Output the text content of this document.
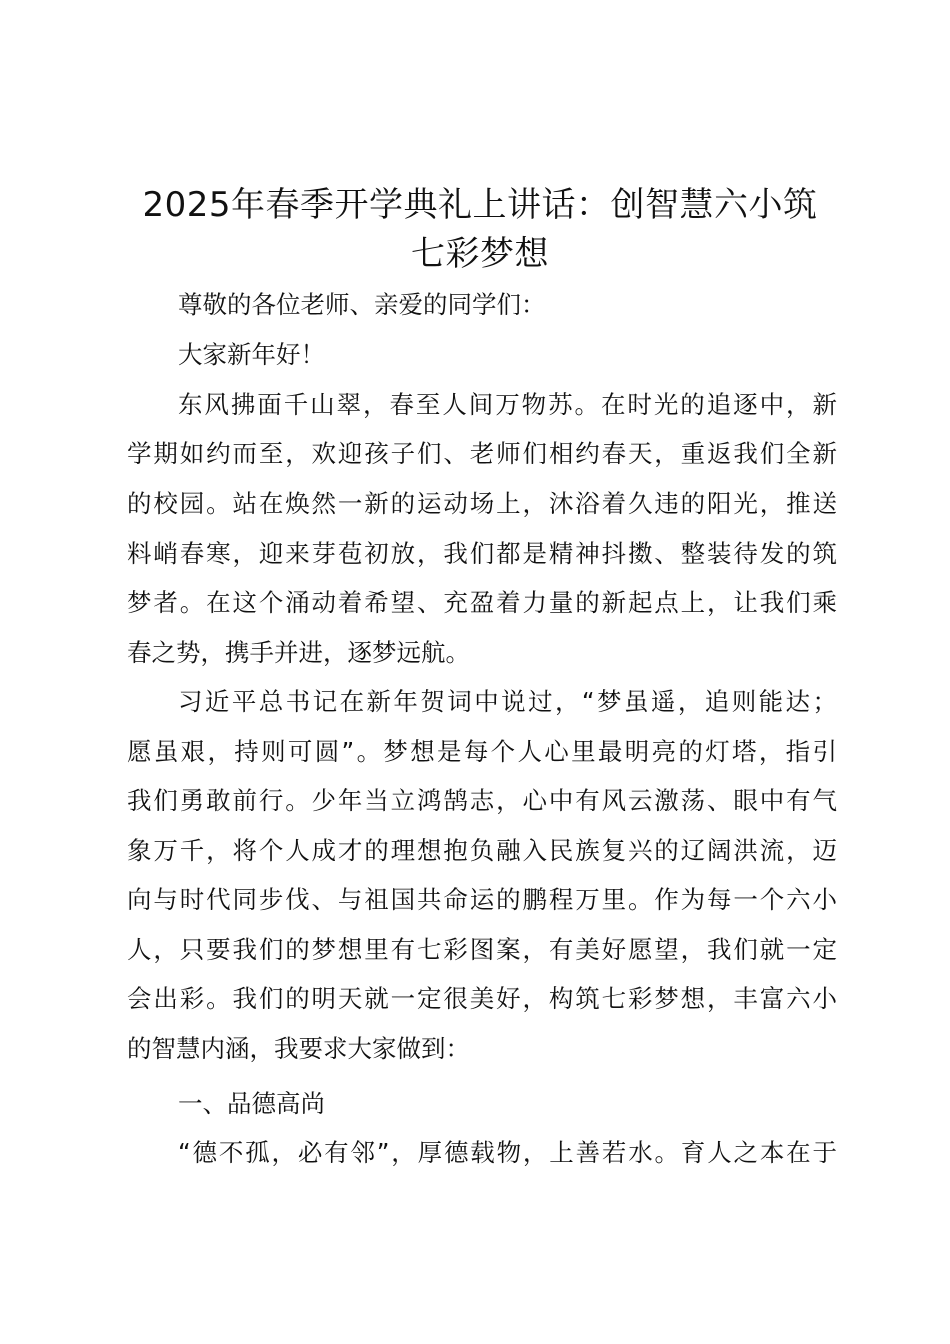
2025年春季开学典礼上讲话：创智慧六小筑
七彩梦想
尊敬的各位老师、亲爱的同学们：
大家新年好！
东风拂面千山翠，春至人间万物苏。在时光的追逐中，新
学期如约而至，欢迎孩子们、老师们相约春天，重返我们全新
的校园。站在焕然一新的运动场上，沐浴着久违的阳光，推送
料峭春寒，迎来芽苞初放，我们都是精神抖擞、整装待发的筑
梦者。在这个涌动着希望、充盈着力量的新起点上，让我们乘
春之势，携手并进，逐梦远航。
习近平总书记在新年贺词中说过，“梦虽遥，追则能达；
愿虽艰，持则可圆”。梦想是每个人心里最明亮的灯塔，指引
我们勇敢前行。少年当立鸿鹄志，心中有风云激荡、眼中有气
象万千，将个人成才的理想抱负融入民族复兴的辽阔洪流，迈
向与时代同步伐、与祖国共命运的鹏程万里。作为每一个六小
人，只要我们的梦想里有七彩图案，有美好愿望，我们就一定
会出彩。我们的明天就一定很美好，构筑七彩梦想，丰富六小
的智慧内涵，我要求大家做到：
一、品德高尚
“德不孤，必有邻”，厚德载物，上善若水。育人之本在于
